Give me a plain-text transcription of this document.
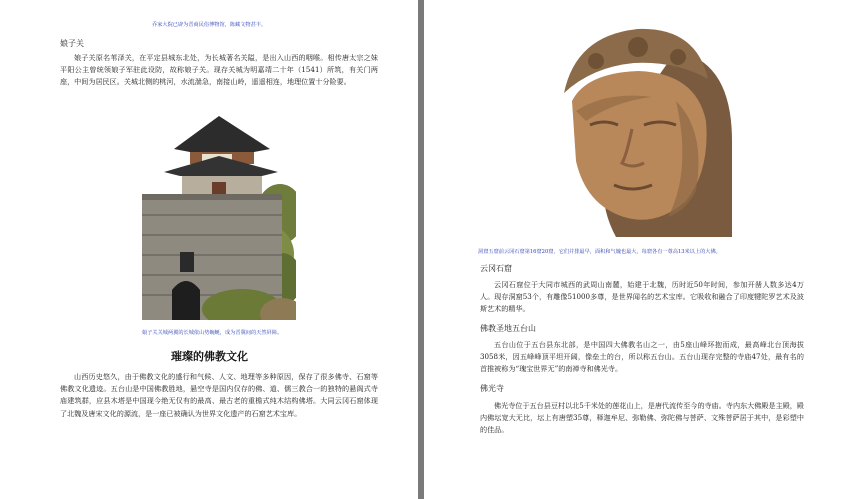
乔家大院已辟为晋商民俗博物馆，陈藏文物甚丰。
娘子关
娘子关原名苇泽关，在平定县城东北处，为长城著名关隘，是出入山西的咽喉。相传唐太宗之妹平阳公主曾统领娘子军驻此设防，故称娘子关。现存关城为明嘉靖二十年（1541）所筑，有关门两座，中间为居民区。关城北侧的桃河，水流湍急，南接山岭，遥遥相连，地理位置十分险要。
娘子关关城两翼的长城依山势蜿蜒，成为晋冀间的天然屏障。
璀璨的佛教文化
山西历史悠久，由于佛教文化的盛行和气候、人文、地理等多种原因，保存了很多佛寺、石窟等佛教文化遗迹。五台山是中国佛教胜地，悬空寺是国内仅存的佛、道、儒三教合一的独特的悬阁式寺庙建筑群，应县木塔是中国现今绝无仅有的最高、最古老的重檐式纯木结构佛塔。大同云冈石窟体现了北魏及唐宋文化的源流，是一座已被确认为世界文化遗产的石窟艺术宝库。
洞窟五窟前云冈石窟第16窟20窟，它们并排最早，面积和气魄也最大，每窟各有一尊高13米以上的大佛。
云冈石窟
云冈石窟位于大同市城西的武周山南麓，始建于北魏，历时近50年时间，参加开凿人数多达4万人。现存洞窟53个，有雕像51000多尊，是世界闻名的艺术宝库。它吸收和融合了印度犍陀罗艺术及波斯艺术的精华。
佛教圣地五台山
五台山位于五台县东北部，是中国四大佛教名山之一，由5座山峰环抱而成，最高峰北台顶海拔3058米，因五峰峰顶平坦开阔，像垒土的台，所以称五台山。五台山现存完整的寺庙47处，最有名的首推被称为“瑰宝世界无”的南禅寺和佛光寺。
佛光寺
佛光寺位于五台县豆村以北5千米处的莲花山上，是唐代流传至今的寺庙。寺内东大佛殿是主殿，殿内佛坛宽大无比，坛上有唐塑35尊，释迦牟尼、弥勒佛、弥陀佛与菩萨、文殊菩萨居于其中，是彩塑中的佳品。
